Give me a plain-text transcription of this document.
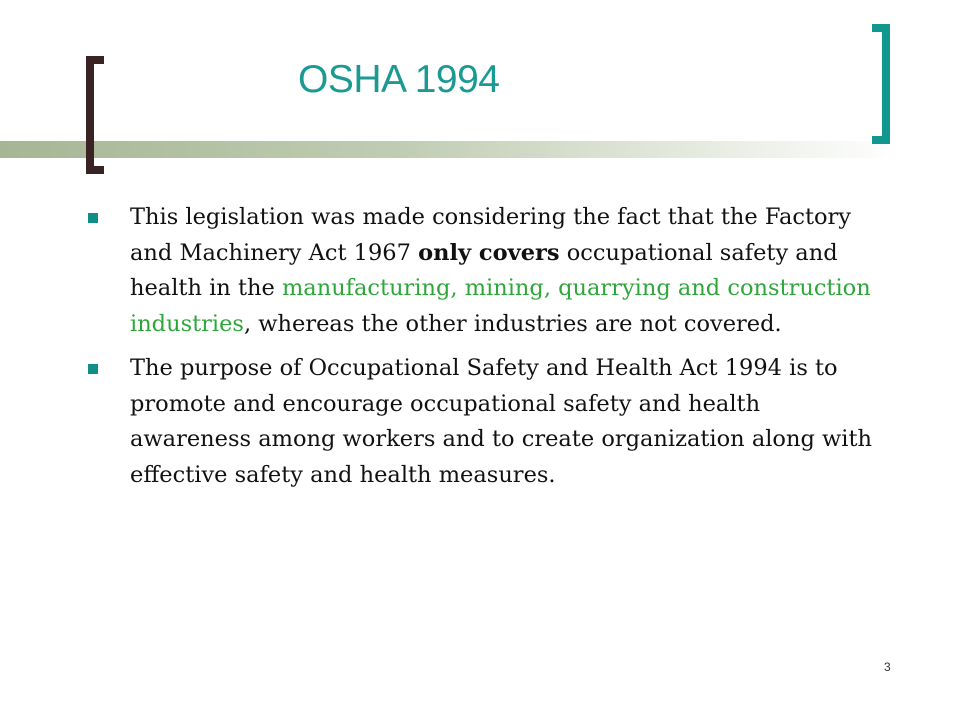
OSHA 1994
This legislation was made considering the fact that the Factory and Machinery Act 1967 only covers occupational safety and health in the manufacturing, mining, quarrying and construction industries, whereas the other industries are not covered.
The purpose of Occupational Safety and Health Act 1994 is to promote and encourage occupational safety and health awareness among workers and to create organization along with effective safety and health measures.
3
